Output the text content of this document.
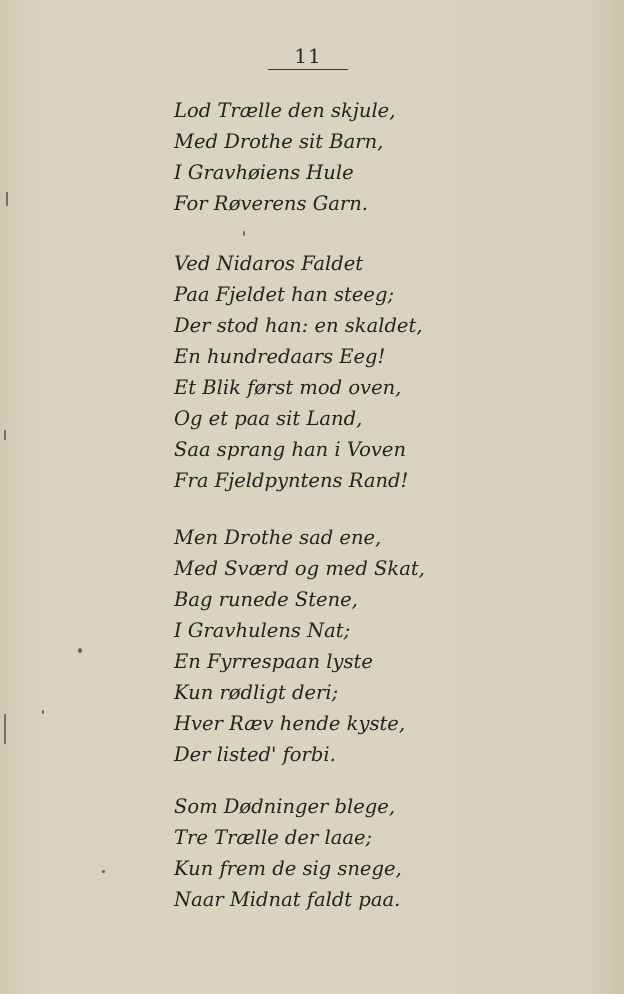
11
Lod Trælle den skjule,
Med Drothe sit Barn,
I Gravhøiens Hule
For Røverens Garn.
Ved Nidaros Faldet
Paa Fjeldet han steeg;
Der stod han: en skaldet,
En hundredaars Eeg!
Et Blik først mod oven,
Og et paa sit Land,
Saa sprang han i Voven
Fra Fjeldpyntens Rand!
Men Drothe sad ene,
Med Sværd og med Skat,
Bag runede Stene,
I Gravhulens Nat;
En Fyrrespaan lyste
Kun rødligt deri;
Hver Ræv hende kyste,
Der listed' forbi.
Som Dødninger blege,
Tre Trælle der laae;
Kun frem de sig snege,
Naar Midnat faldt paa.
